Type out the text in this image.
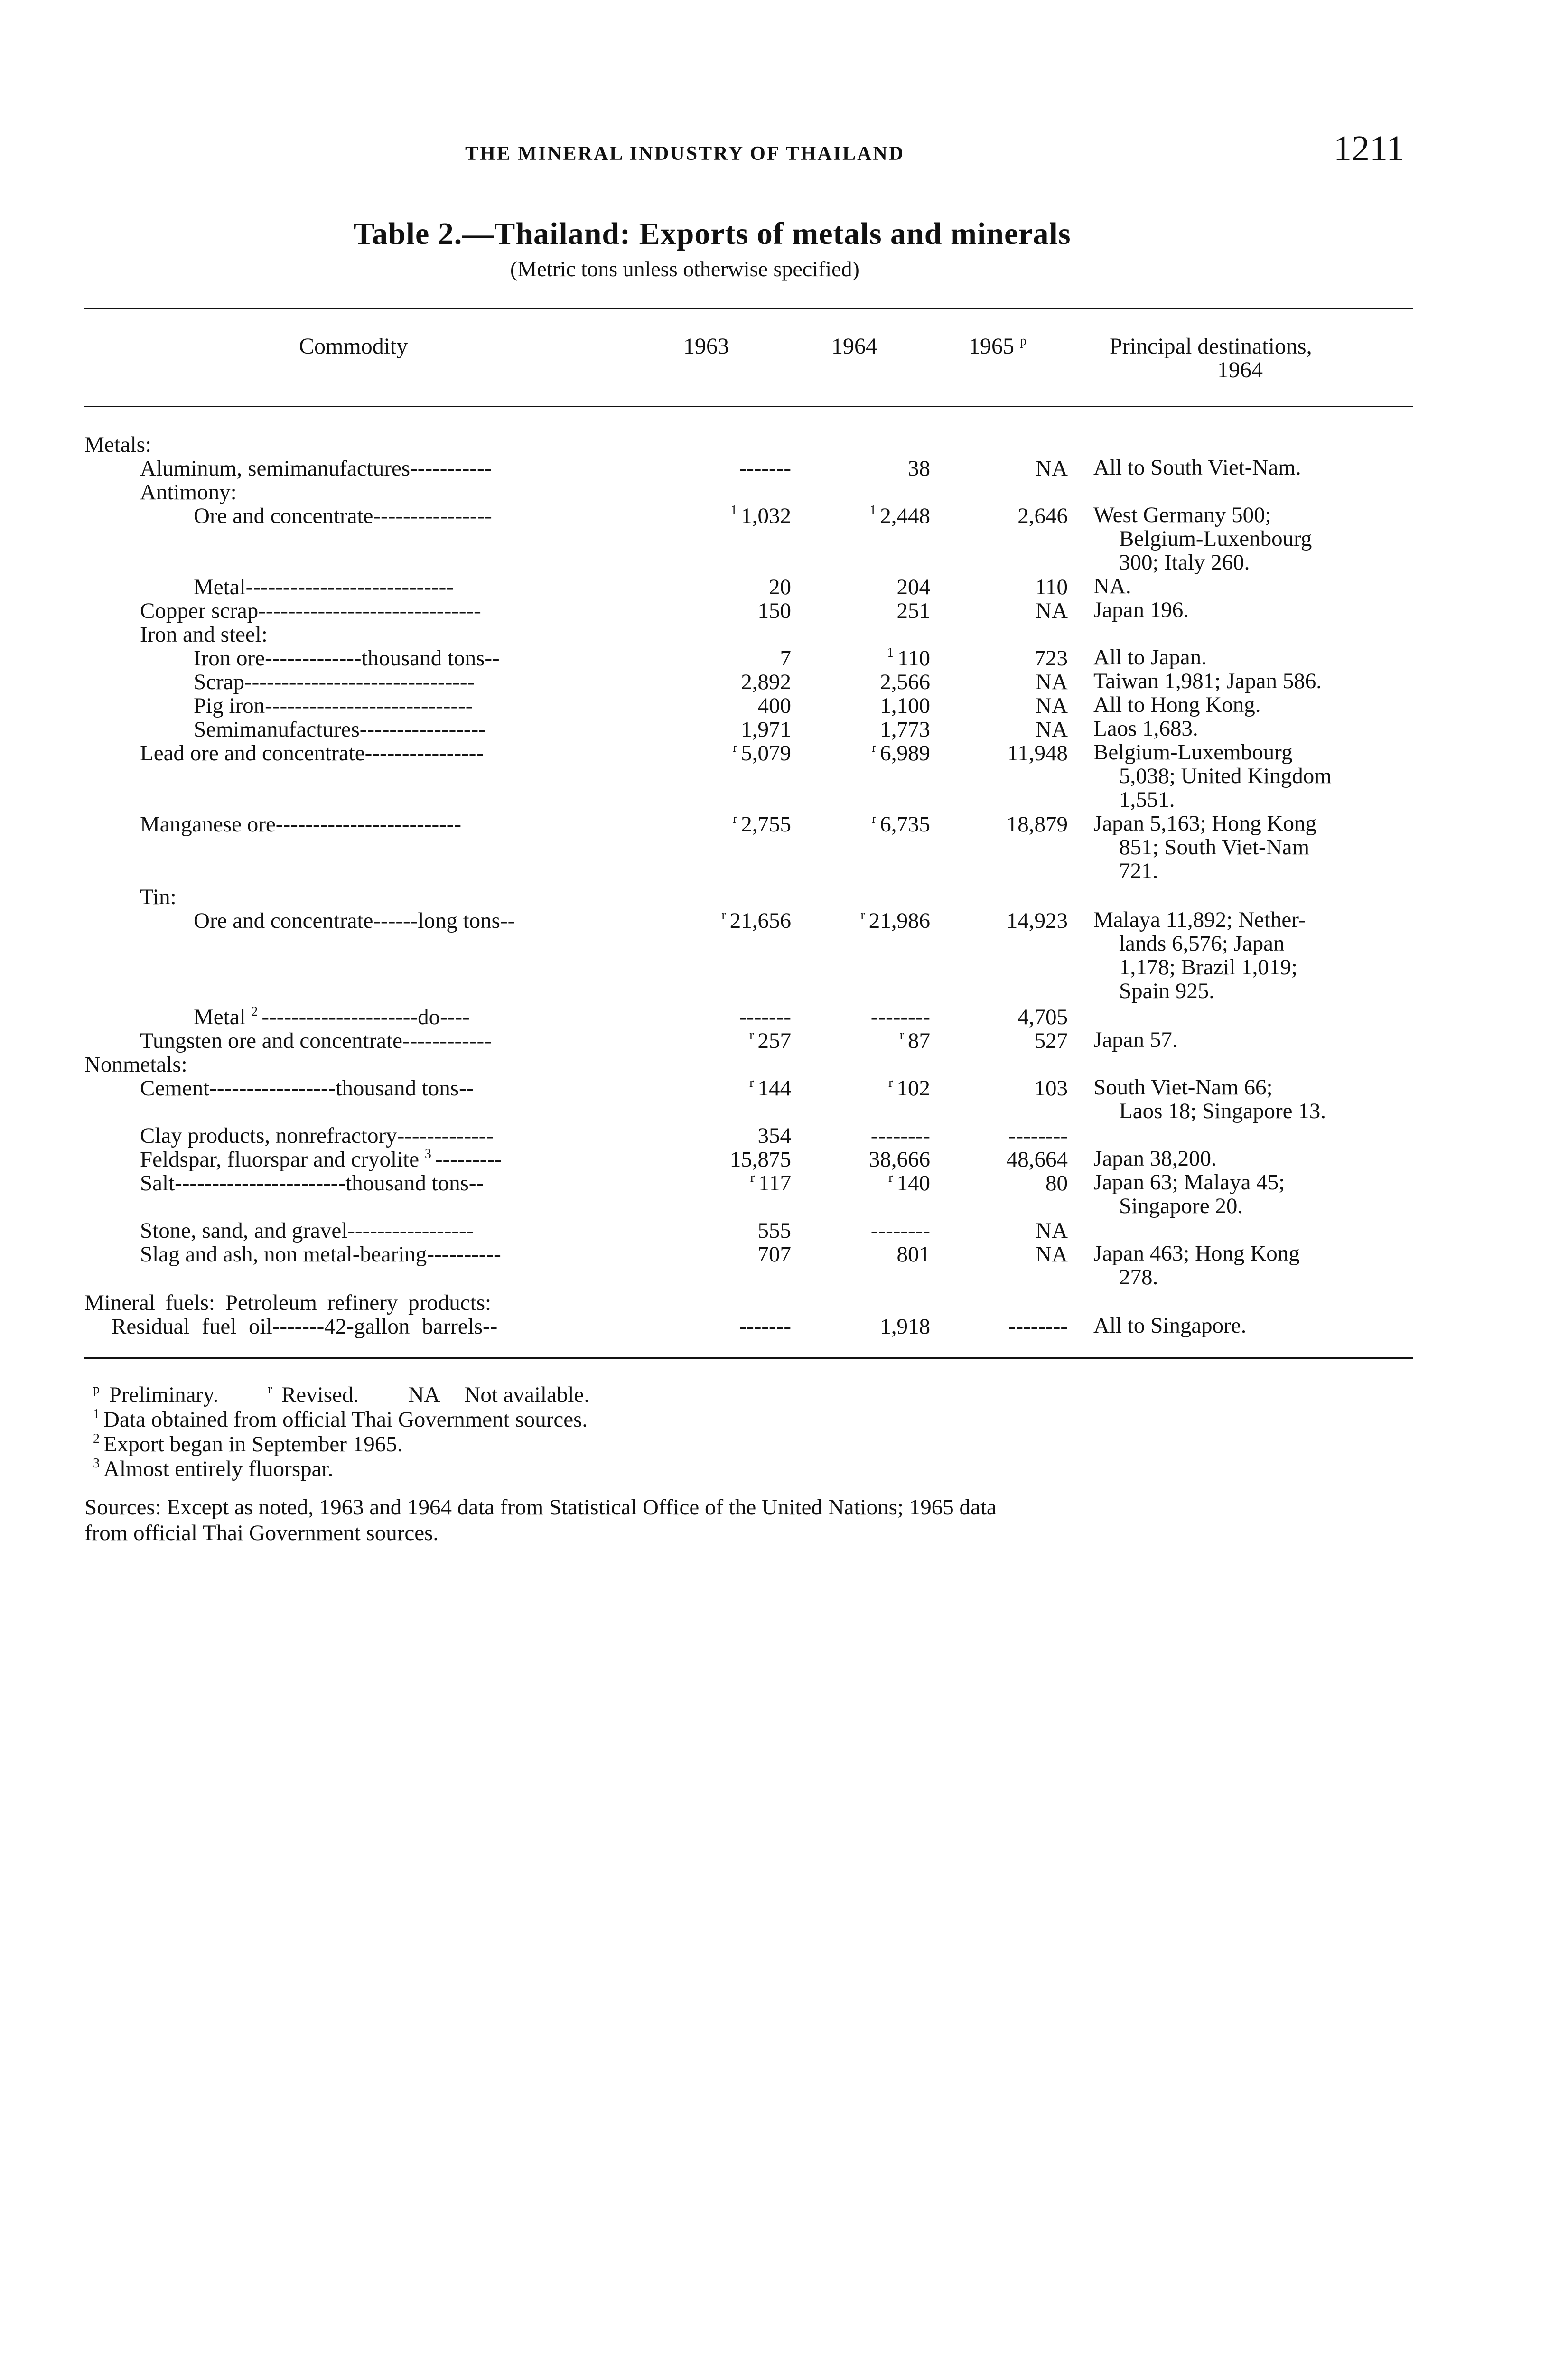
THE MINERAL INDUSTRY OF THAILAND	1211
Table 2.—Thailand: Exports of metals and minerals
(Metric tons unless otherwise specified)
Commodity	1963	1964	1965 $^p$	Principal destinations,
1964
Metals:
Aluminum, semimanufactures-----------	-------	38	NA All to South Viet-Nam.
Antimony:
Ore and concentrate----------------	$^1$ 1,032	$^1$ 2,448	2,646 West Germany 500;
Belgium-Luxenbourg
300; Italy 260.
Metal----------------------------	20	204	110 NA.
Copper scrap------------------------------	150	251	NA Japan 196.
Iron and steel:
Iron ore-------------thousand tons--	7	$^1$ 110	723 All to Japan.
Scrap-------------------------------	2,892	2,566	NA Taiwan 1,981; Japan 586.
Pig iron----------------------------	400	1,100	NA All to Hong Kong.
Semimanufactures-----------------	1,971	1,773	NA Laos 1,683.
Lead ore and concentrate----------------	$^r$ 5,079	$^r$ 6,989	11,948 Belgium-Luxembourg
5,038; United Kingdom
1,551.
Manganese ore-------------------------	$^r$ 2,755	$^r$ 6,735	18,879 Japan 5,163; Hong Kong
851; South Viet-Nam
721.
Tin:
Ore and concentrate------long tons--	$^r$ 21,656	$^r$ 21,986	14,923 Malaya 11,892; Nether-
lands 6,576; Japan
1,178; Brazil 1,019;
Spain 925.
Metal $^2$ ---------------------do----	-------	--------	4,705
Tungsten ore and concentrate------------	$^r$ 257	$^r$ 87	527 Japan 57.
Nonmetals:
Cement-----------------thousand tons--	$^r$ 144	$^r$ 102	103 South Viet-Nam 66;
Laos 18; Singapore 13.
Clay products, nonrefractory-------------	354	--------	--------
Feldspar, fluorspar and cryolite $^3$ ---------	15,875	38,666	48,664 Japan 38,200.
Salt-----------------------thousand tons--	$^r$ 117	$^r$ 140	80 Japan 63; Malaya 45;
Singapore 20.
Stone, sand, and gravel-----------------	555	--------	NA
Slag and ash, non metal-bearing----------	707	801	NA Japan 463; Hong Kong
278.
Mineral fuels: Petroleum refinery products:
Residual fuel oil-------42-gallon barrels--	-------	1,918	-------- All to Singapore.
$^p$ Preliminary.	$^r$ Revised. NA Not available.
$^1$ Data obtained from official Thai Government sources.
$^2$ Export began in September 1965.
$^3$ Almost entirely fluorspar.
Sources: Except as noted, 1963 and 1964 data from Statistical Office of the United Nations; 1965 data
from official Thai Government sources.
